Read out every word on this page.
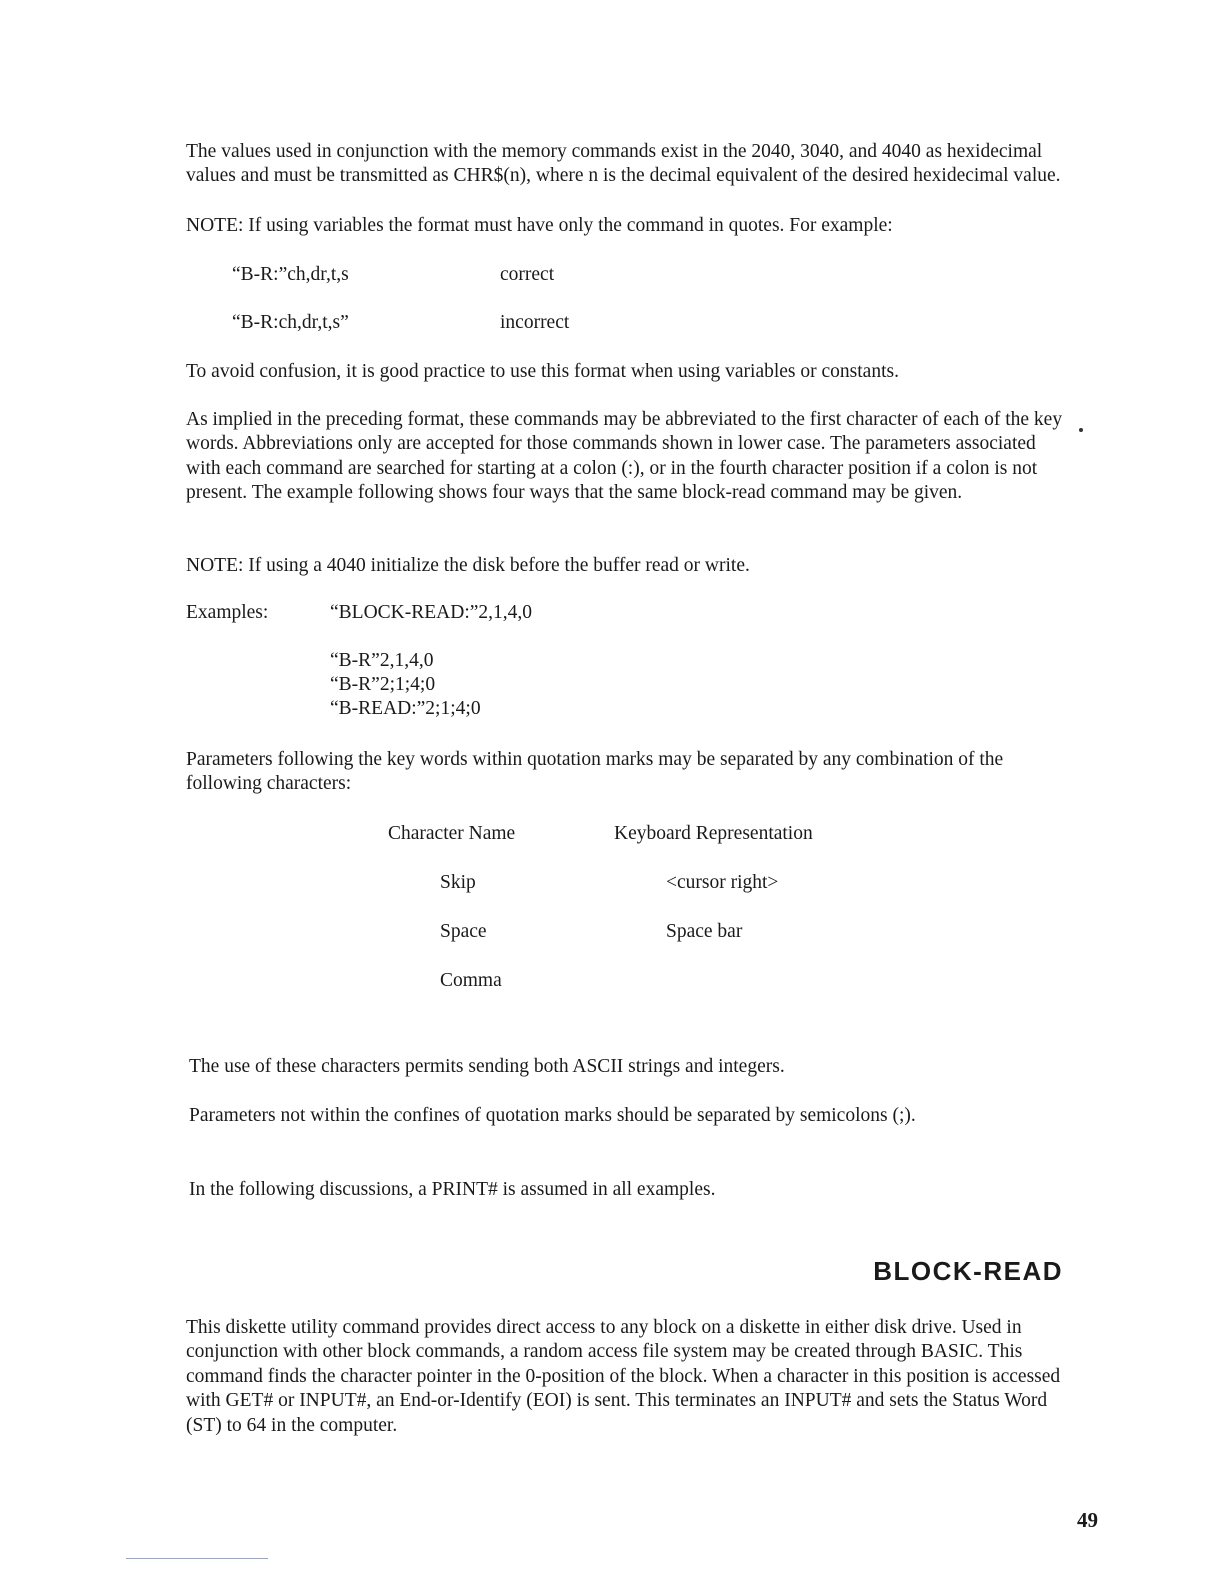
The values used in conjunction with the memory commands exist in the 2040, 3040, and 4040 as hexidecimal values and must be transmitted as CHR$(n), where n is the decimal equivalent of the desired hexidecimal value.

NOTE: If using variables the format must have only the command in quotes. For example:

“B-R:”ch,dr,t,s	correct
“B-R:ch,dr,t,s”	incorrect

To avoid confusion, it is good practice to use this format when using variables or constants.

As implied in the preceding format, these commands may be abbreviated to the first character of each of the key words. Abbreviations only are accepted for those commands shown in lower case. The parameters associated with each command are searched for starting at a colon (:), or in the fourth character position if a colon is not present. The example following shows four ways that the same block-read command may be given.

NOTE: If using a 4040 initialize the disk before the buffer read or write.

Examples:	“BLOCK-READ:”2,1,4,0
“B-R”2,1,4,0
“B-R”2;1;4;0
“B-READ:”2;1;4;0

Parameters following the key words within quotation marks may be separated by any combination of the following characters:

Character Name	Keyboard Representation
Skip	<cursor right>
Space	Space bar
Comma

The use of these characters permits sending both ASCII strings and integers.

Parameters not within the confines of quotation marks should be separated by semicolons (;).

In the following discussions, a PRINT# is assumed in all examples.

BLOCK-READ

This diskette utility command provides direct access to any block on a diskette in either disk drive. Used in conjunction with other block commands, a random access file system may be created through BASIC. This command finds the character pointer in the 0-position of the block. When a character in this position is accessed with GET# or INPUT#, an End-or-Identify (EOI) is sent. This terminates an INPUT# and sets the Status Word (ST) to 64 in the computer.

49
